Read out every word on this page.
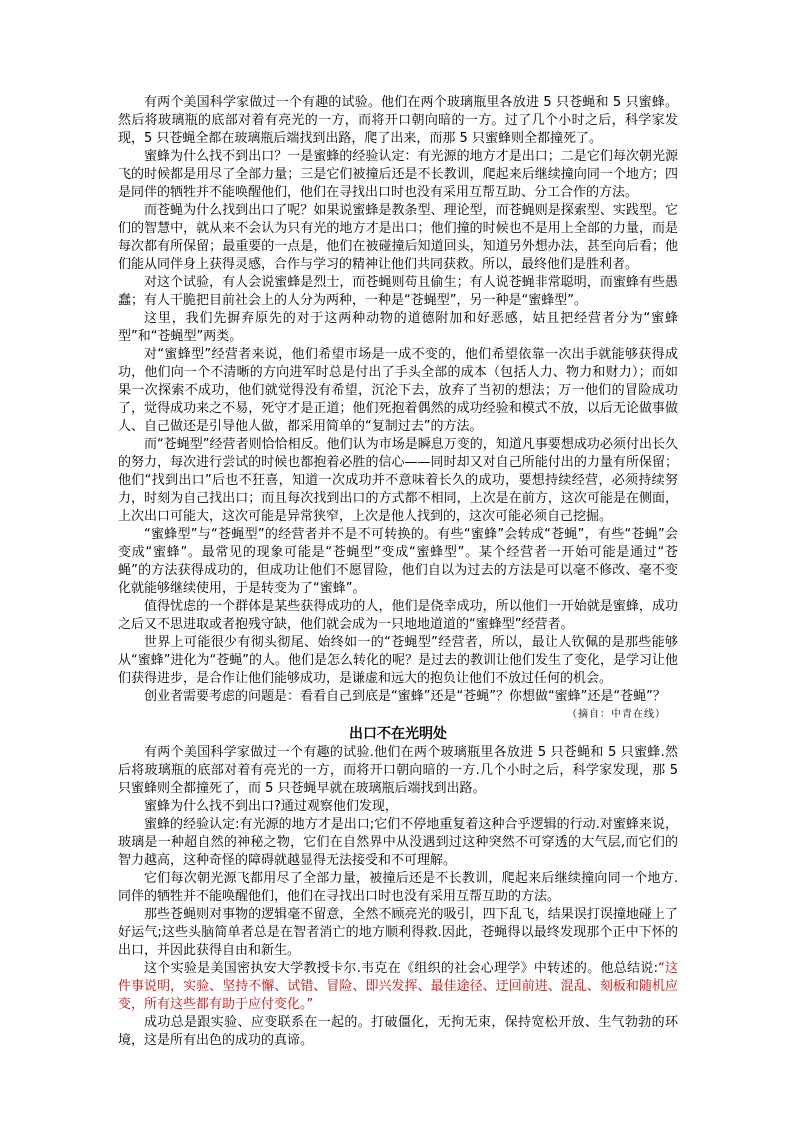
有两个美国科学家做过一个有趣的试验。他们在两个玻璃瓶里各放进 5 只苍蝇和 5 只蜜蜂。然后将玻璃瓶的底部对着有亮光的一方，而将开口朝向暗的一方。过了几个小时之后，科学家发现，5 只苍蝇全都在玻璃瓶后端找到出路，爬了出来，而那 5 只蜜蜂则全都撞死了。

蜜蜂为什么找不到出口？一是蜜蜂的经验认定：有光源的地方才是出口；二是它们每次朝光源飞的时候都是用尽了全部力量；三是它们被撞后还是不长教训，爬起来后继续撞向同一个地方；四是同伴的牺牲并不能唤醒他们，他们在寻找出口时也没有采用互帮互助、分工合作的方法。

而苍蝇为什么找到出口了呢？如果说蜜蜂是教条型、理论型，而苍蝇则是探索型、实践型。它们的智慧中，就从来不会认为只有光的地方才是出口；他们撞的时候也不是用上全部的力量，而是每次都有所保留；最重要的一点是，他们在被碰撞后知道回头，知道另外想办法，甚至向后看；他们能从同伴身上获得灵感，合作与学习的精神让他们共同获救。所以，最终他们是胜利者。

对这个试验，有人会说蜜蜂是烈士，而苍蝇则苟且偷生；有人说苍蝇非常聪明，而蜜蜂有些愚蠢；有人干脆把目前社会上的人分为两种，一种是“苍蝇型”，另一种是“蜜蜂型”。

这里，我们先摒弃原先的对于这两种动物的道德附加和好恶感，姑且把经营者分为“蜜蜂型”和“苍蝇型”两类。

对“蜜蜂型”经营者来说，他们希望市场是一成不变的，他们希望依靠一次出手就能够获得成功，他们向一个不清晰的方向进军时总是付出了手头全部的成本（包括人力、物力和财力）；而如果一次探索不成功，他们就觉得没有希望，沉沦下去，放弃了当初的想法；万一他们的冒险成功了，觉得成功来之不易，死守才是正道；他们死抱着偶然的成功经验和模式不放，以后无论做事做人、自己做还是引导他人做，都采用简单的“复制过去”的方法。

而“苍蝇型”经营者则恰恰相反。他们认为市场是瞬息万变的，知道凡事要想成功必须付出长久的努力，每次进行尝试的时候也都抱着必胜的信心——同时却又对自己所能付出的力量有所保留；他们“找到出口”后也不狂喜，知道一次成功并不意味着长久的成功，要想持续经营，必须持续努力，时刻为自己找出口；而且每次找到出口的方式都不相同，上次是在前方，这次可能是在侧面，上次出口可能大，这次可能是异常狭窄，上次是他人找到的，这次可能必须自己挖掘。

“蜜蜂型”与“苍蝇型”的经营者并不是不可转换的。有些“蜜蜂”会转成“苍蝇”，有些“苍蝇”会变成“蜜蜂”。最常见的现象可能是“苍蝇型”变成“蜜蜂型”。某个经营者一开始可能是通过“苍蝇”的方法获得成功的，但成功让他们不愿冒险，他们自以为过去的方法是可以毫不修改、毫不变化就能够继续使用，于是转变为了“蜜蜂”。

值得忧虑的一个群体是某些获得成功的人，他们是侥幸成功，所以他们一开始就是蜜蜂，成功之后又不思进取或者抱残守缺，他们就会成为一只地地道道的“蜜蜂型”经营者。

世界上可能很少有彻头彻尾、始终如一的“苍蝇型”经营者，所以，最让人钦佩的是那些能够从“蜜蜂”进化为“苍蝇”的人。他们是怎么转化的呢？是过去的教训让他们发生了变化，是学习让他们获得进步，是合作让他们能够成功，是谦虚和远大的抱负让他们不放过任何的机会。

创业者需要考虑的问题是：看看自己到底是“蜜蜂”还是“苍蝇”？你想做“蜜蜂”还是“苍蝇”？

（摘自：中青在线）

出口不在光明处

有两个美国科学家做过一个有趣的试验.他们在两个玻璃瓶里各放进 5 只苍蝇和 5 只蜜蜂.然后将玻璃瓶的底部对着有亮光的一方，而将开口朝向暗的一方.几个小时之后，科学家发现，那 5 只蜜蜂则全都撞死了，而 5 只苍蝇早就在玻璃瓶后端找到出路。

蜜蜂为什么找不到出口?通过观察他们发现，

蜜蜂的经验认定:有光源的地方才是出口;它们不停地重复着这种合乎逻辑的行动.对蜜蜂来说，玻璃是一种超自然的神秘之物，它们在自然界中从没遇到过这种突然不可穿透的大气层,而它们的智力越高，这种奇怪的障碍就越显得无法接受和不可理解。

它们每次朝光源飞都用尽了全部力量，被撞后还是不长教训，爬起来后继续撞向同一个地方.同伴的牺牲并不能唤醒他们，他们在寻找出口时也没有采用互帮互助的方法。

那些苍蝇则对事物的逻辑毫不留意，全然不顾亮光的吸引，四下乱飞，结果误打误撞地碰上了好运气;这些头脑简单者总是在智者消亡的地方顺利得救.因此，苍蝇得以最终发现那个正中下怀的出口，并因此获得自由和新生。

这个实验是美国密执安大学教授卡尔.韦克在《组织的社会心理学》中转述的。他总结说:“这件事说明，实验、坚持不懈、试错、冒险、即兴发挥、最佳途径、迂回前进、混乱、刻板和随机应变，所有这些都有助于应付变化。”

成功总是跟实验、应变联系在一起的。打破僵化，无拘无束，保持宽松开放、生气勃勃的环境，这是所有出色的成功的真谛。
